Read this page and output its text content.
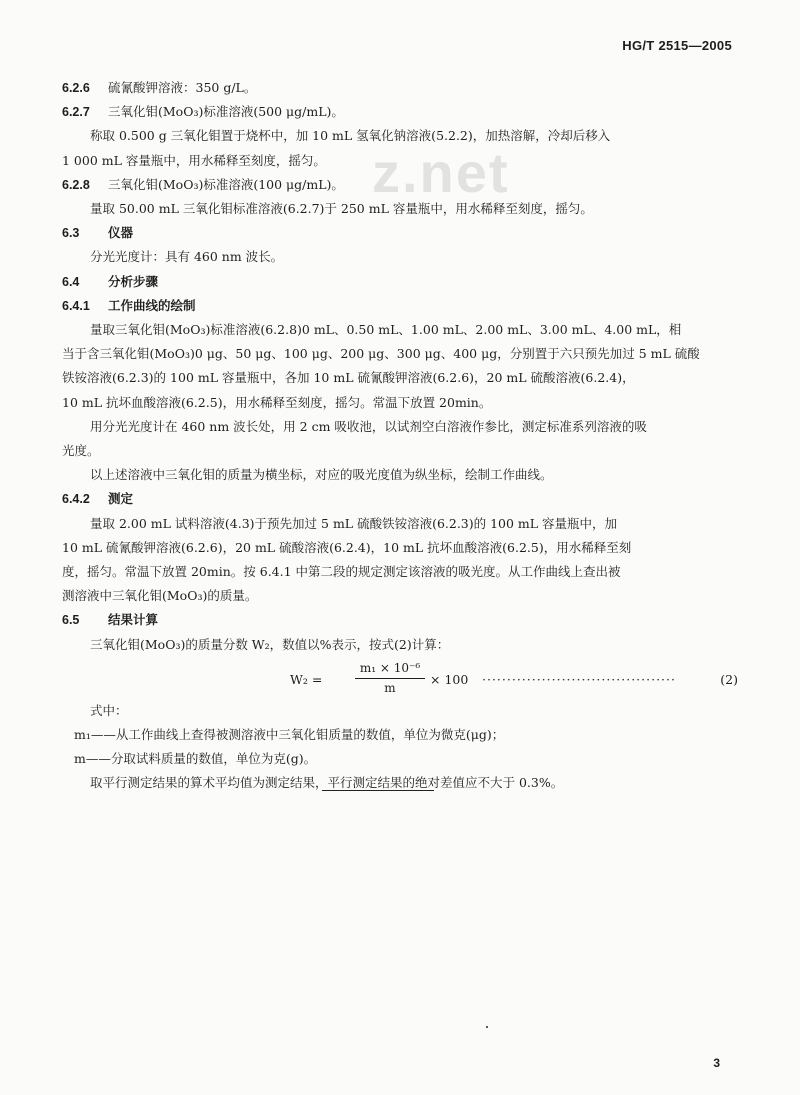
HG/T 2515—2005
z.net
6.2.6 硫氰酸钾溶液：350 g/L。
6.2.7 三氧化钼(MoO₃)标准溶液(500 μg/mL)。
称取 0.500 g 三氧化钼置于烧杯中，加 10 mL 氢氧化钠溶液(5.2.2)，加热溶解，冷却后移入
1 000 mL 容量瓶中，用水稀释至刻度，摇匀。
6.2.8 三氧化钼(MoO₃)标准溶液(100 μg/mL)。
量取 50.00 mL 三氧化钼标准溶液(6.2.7)于 250 mL 容量瓶中，用水稀释至刻度，摇匀。
6.3 仪器
分光光度计：具有 460 nm 波长。
6.4 分析步骤
6.4.1 工作曲线的绘制
量取三氧化钼(MoO₃)标准溶液(6.2.8)0 mL、0.50 mL、1.00 mL、2.00 mL、3.00 mL、4.00 mL，相
当于含三氧化钼(MoO₃)0 μg、50 μg、100 μg、200 μg、300 μg、400 μg，分别置于六只预先加过 5 mL 硫酸
铁铵溶液(6.2.3)的 100 mL 容量瓶中，各加 10 mL 硫氰酸钾溶液(6.2.6)，20 mL 硫酸溶液(6.2.4)，
10 mL 抗坏血酸溶液(6.2.5)，用水稀释至刻度，摇匀。常温下放置 20min。
用分光光度计在 460 nm 波长处，用 2 cm 吸收池，以试剂空白溶液作参比，测定标准系列溶液的吸
光度。
以上述溶液中三氧化钼的质量为横坐标，对应的吸光度值为纵坐标，绘制工作曲线。
6.4.2 测定
量取 2.00 mL 试料溶液(4.3)于预先加过 5 mL 硫酸铁铵溶液(6.2.3)的 100 mL 容量瓶中，加
10 mL 硫氰酸钾溶液(6.2.6)，20 mL 硫酸溶液(6.2.4)，10 mL 抗坏血酸溶液(6.2.5)，用水稀释至刻
度，摇匀。常温下放置 20min。按 6.4.1 中第二段的规定测定该溶液的吸光度。从工作曲线上查出被
测溶液中三氧化钼(MoO₃)的质量。
6.5 结果计算
三氧化钼(MoO₃)的质量分数 W₂，数值以%表示，按式(2)计算：
W₂ =	$\frac{\text{m₁ × 10⁻⁶}}{m} \times 100$ ·······································	(2)
式中：
m₁——从工作曲线上查得被测溶液中三氧化钼质量的数值，单位为微克(μg)；
m——分取试料质量的数值，单位为克(g)。
取平行测定结果的算术平均值为测定结果，平行测定结果的绝对差值应不大于 0.3%。
3
